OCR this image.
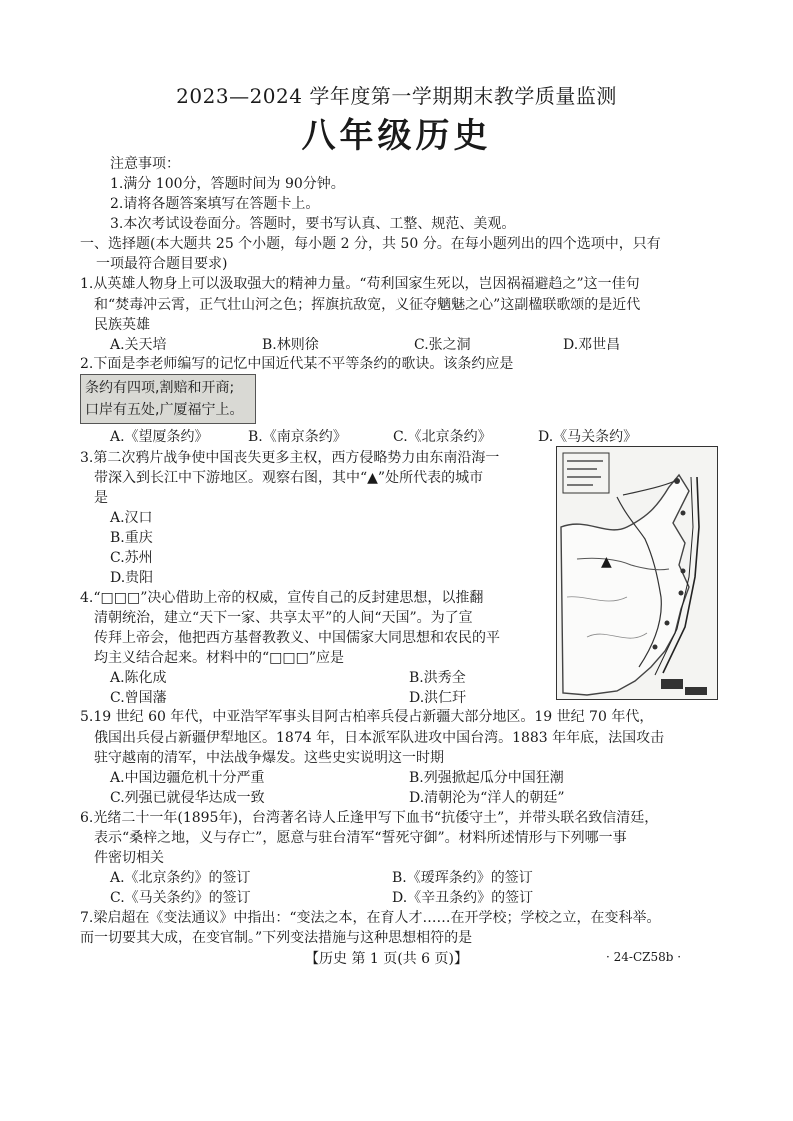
2023—2024 学年度第一学期期末教学质量监测
八年级历史
注意事项：
1.满分 100分，答题时间为 90分钟。
2.请将各题答案填写在答题卡上。
3.本次考试设卷面分。答题时，要书写认真、工整、规范、美观。
一、选择题(本大题共 25 个小题，每小题 2 分，共 50 分。在每小题列出的四个选项中，只有
一项最符合题目要求)
1.从英雄人物身上可以汲取强大的精神力量。“苟利国家生死以，岂因祸福避趋之”这一佳句
和“焚毒冲云霄，正气壮山河之色；挥旗抗敌宽，义征夺魑魅之心”这副楹联歌颂的是近代
民族英雄
A.关天培	B.林则徐	C.张之洞	D.邓世昌
2.下面是李老师编写的记忆中国近代某不平等条约的歌诀。该条约应是
条约有四项,割赔和开商;
口岸有五处,广厦福宁上。
A.《望厦条约》	B.《南京条约》	C.《北京条约》	D.《马关条约》
3.第二次鸦片战争使中国丧失更多主权，西方侵略势力由东南沿海一
带深入到长江中下游地区。观察右图，其中“▲”处所代表的城市
是
A.汉口
B.重庆
C.苏州
D.贵阳
▲
4.“□□□”决心借助上帝的权威，宣传自己的反封建思想，以推翻
清朝统治，建立“天下一家、共享太平”的人间“天国”。为了宣
传拜上帝会，他把西方基督教教义、中国儒家大同思想和农民的平
均主义结合起来。材料中的“□□□”应是
A.陈化成	B.洪秀全
C.曾国藩	D.洪仁玕
5.19 世纪 60 年代，中亚浩罕军事头目阿古柏率兵侵占新疆大部分地区。19 世纪 70 年代，
俄国出兵侵占新疆伊犁地区。1874 年，日本派军队进攻中国台湾。1883 年年底，法国攻击
驻守越南的清军，中法战争爆发。这些史实说明这一时期
A.中国边疆危机十分严重	B.列强掀起瓜分中国狂潮
C.列强已就侵华达成一致	D.清朝沦为“洋人的朝廷”
6.光绪二十一年(1895年)，台湾著名诗人丘逢甲写下血书“抗倭守土”，并带头联名致信清廷，
表示“桑梓之地，义与存亡”，愿意与驻台清军“誓死守御”。材料所述情形与下列哪一事
件密切相关
A.《北京条约》的签订	B.《瑷珲条约》的签订
C.《马关条约》的签订	D.《辛丑条约》的签订
7.梁启超在《变法通议》中指出：“变法之本，在育人才……在开学校；学校之立，在变科举。
而一切要其大成，在变官制。”下列变法措施与这种思想相符的是
【历史 第 1 页(共 6 页)】	· 24-CZ58b ·
